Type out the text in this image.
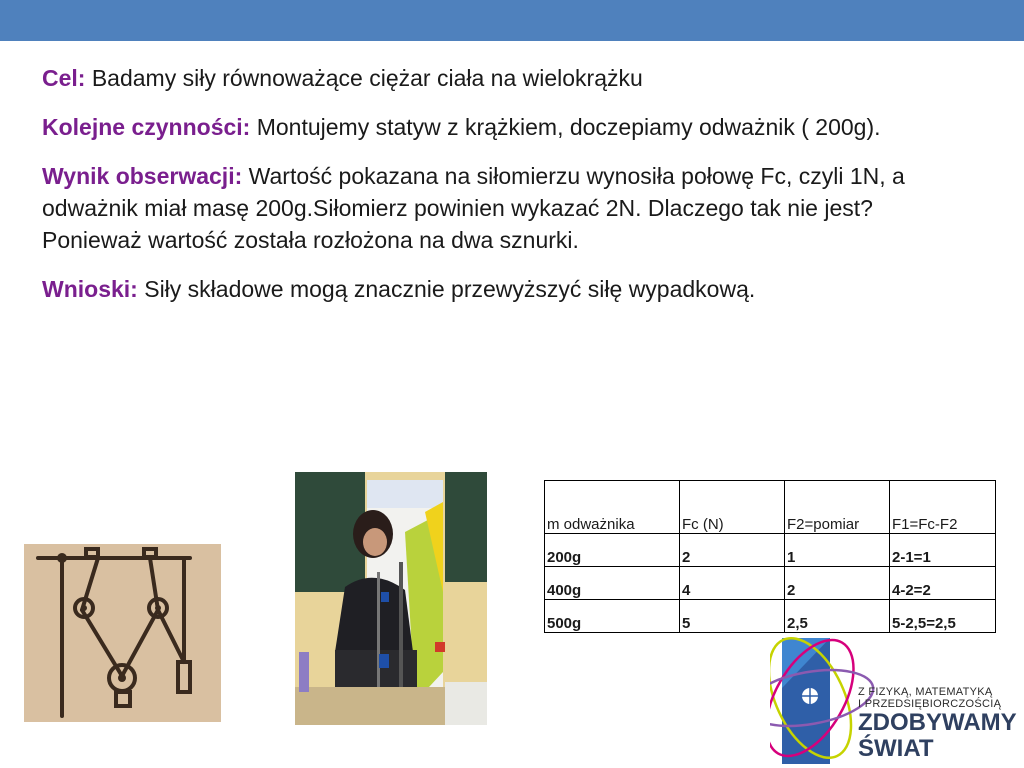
Cel: Badamy siły równoważące ciężar ciała na wielokrążku

Kolejne czynności: Montujemy statyw z krążkiem, doczepiamy odważnik ( 200g).

Wynik obserwacji: Wartość pokazana na siłomierzu wynosiła połowę Fc, czyli 1N, a odważnik miał masę 200g.Siłomierz powinien wykazać 2N. Dlaczego tak nie jest? Ponieważ wartość została rozłożona na dwa sznurki.

Wnioski: Siły składowe mogą znacznie przewyższyć siłę wypadkową.

m odważnika	Fc (N)	F2=pomiar	F1=Fc-F2
200g	2	1	2-1=1
400g	4	2	4-2=2
500g	5	2,5	5-2,5=2,5
Z FIZYKĄ, MATEMATYKĄ
I PRZEDSIĘBIORCZOŚCIĄ
ZDOBYWAMY
ŚWIAT
